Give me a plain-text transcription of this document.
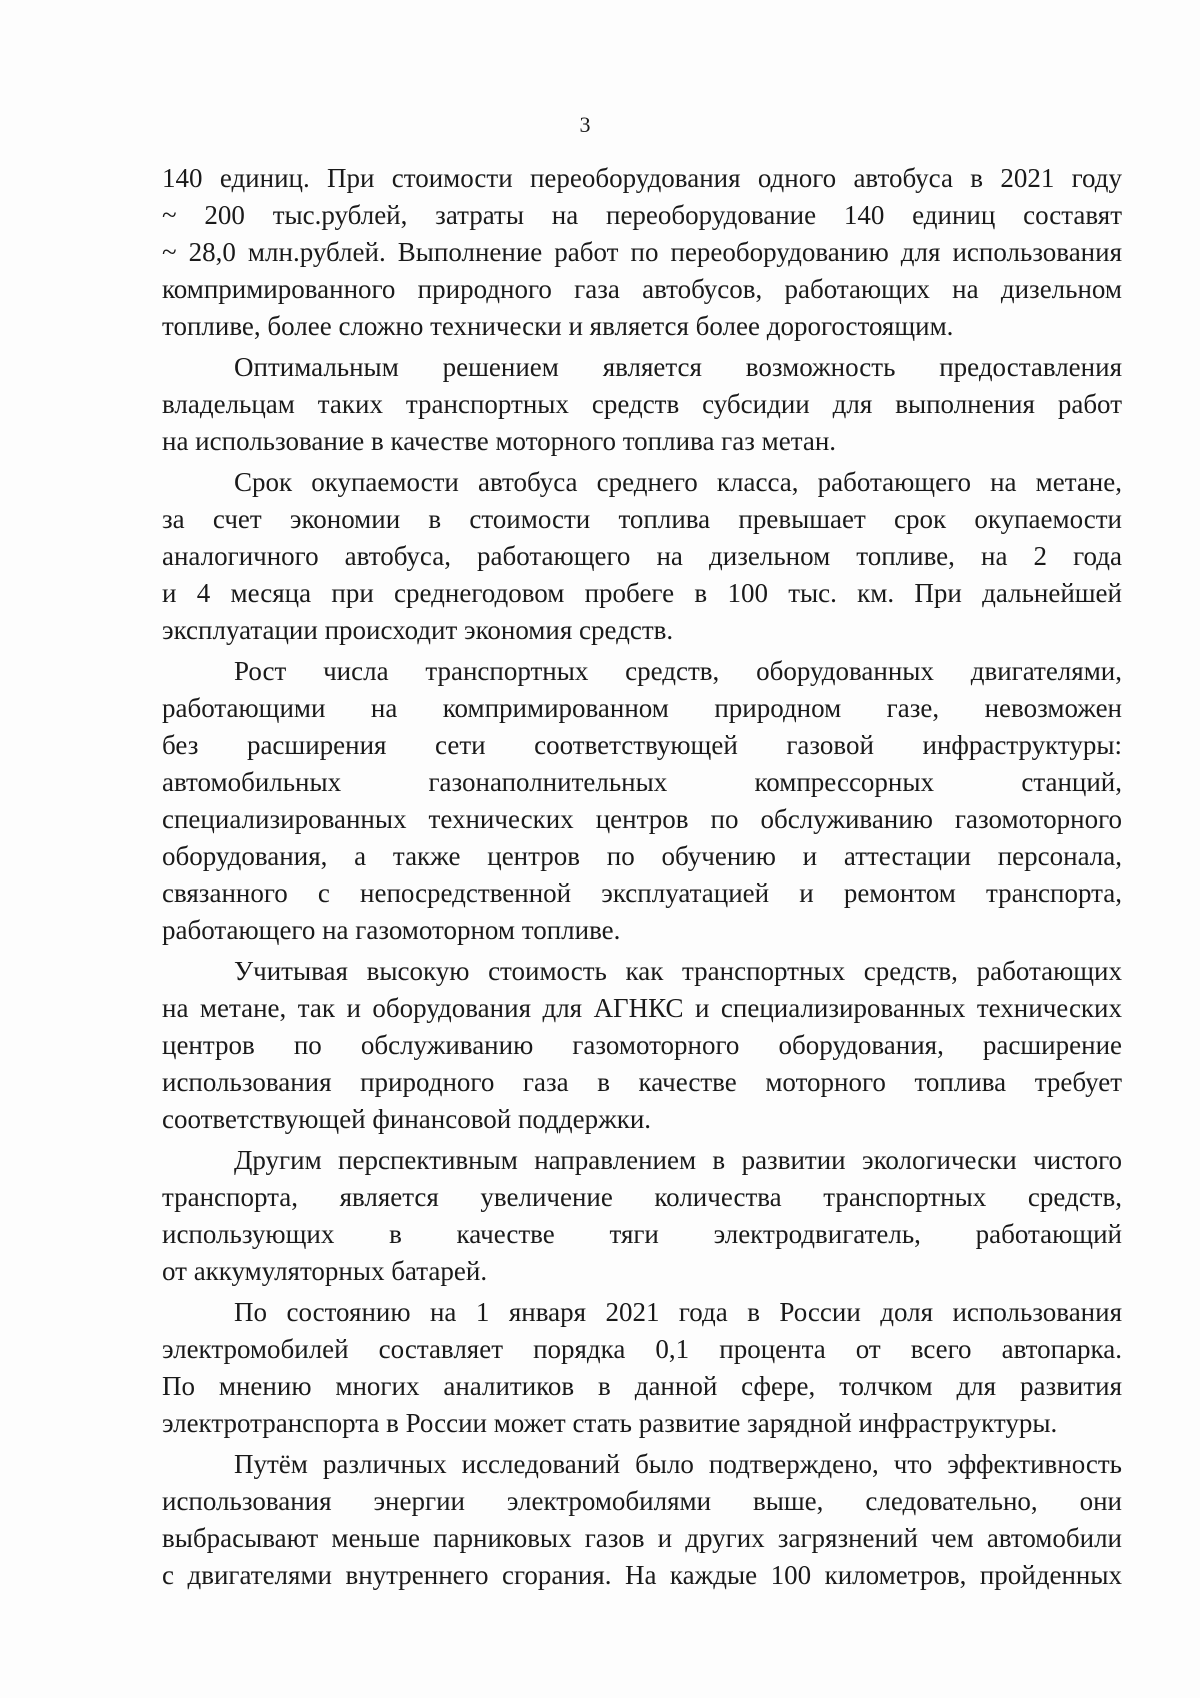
3
140 единиц. При стоимости переоборудования одного автобуса в 2021 году
~ 200 тыс.рублей, затраты на переоборудование 140 единиц составят
~ 28,0 млн.рублей. Выполнение работ по переоборудованию для использования
компримированного природного газа автобусов, работающих на дизельном
топливе, более сложно технически и является более дорогостоящим.
Оптимальным решением является возможность предоставления
владельцам таких транспортных средств субсидии для выполнения работ
на использование в качестве моторного топлива газ метан.
Срок окупаемости автобуса среднего класса, работающего на метане,
за счет экономии в стоимости топлива превышает срок окупаемости
аналогичного автобуса, работающего на дизельном топливе, на 2 года
и 4 месяца при среднегодовом пробеге в 100 тыс. км. При дальнейшей
эксплуатации происходит экономия средств.
Рост числа транспортных средств, оборудованных двигателями,
работающими на компримированном природном газе, невозможен
без расширения сети соответствующей газовой инфраструктуры:
автомобильных газонаполнительных компрессорных станций,
специализированных технических центров по обслуживанию газомоторного
оборудования, а также центров по обучению и аттестации персонала,
связанного с непосредственной эксплуатацией и ремонтом транспорта,
работающего на газомоторном топливе.
Учитывая высокую стоимость как транспортных средств, работающих
на метане, так и оборудования для АГНКС и специализированных технических
центров по обслуживанию газомоторного оборудования, расширение
использования природного газа в качестве моторного топлива требует
соответствующей финансовой поддержки.
Другим перспективным направлением в развитии экологически чистого
транспорта, является увеличение количества транспортных средств,
использующих в качестве тяги электродвигатель, работающий
от аккумуляторных батарей.
По состоянию на 1 января 2021 года в России доля использования
электромобилей составляет порядка 0,1 процента от всего автопарка.
По мнению многих аналитиков в данной сфере, толчком для развития
электротранспорта в России может стать развитие зарядной инфраструктуры.
Путём различных исследований было подтверждено, что эффективность
использования энергии электромобилями выше, следовательно, они
выбрасывают меньше парниковых газов и других загрязнений чем автомобили
с двигателями внутреннего сгорания. На каждые 100 километров, пройденных
